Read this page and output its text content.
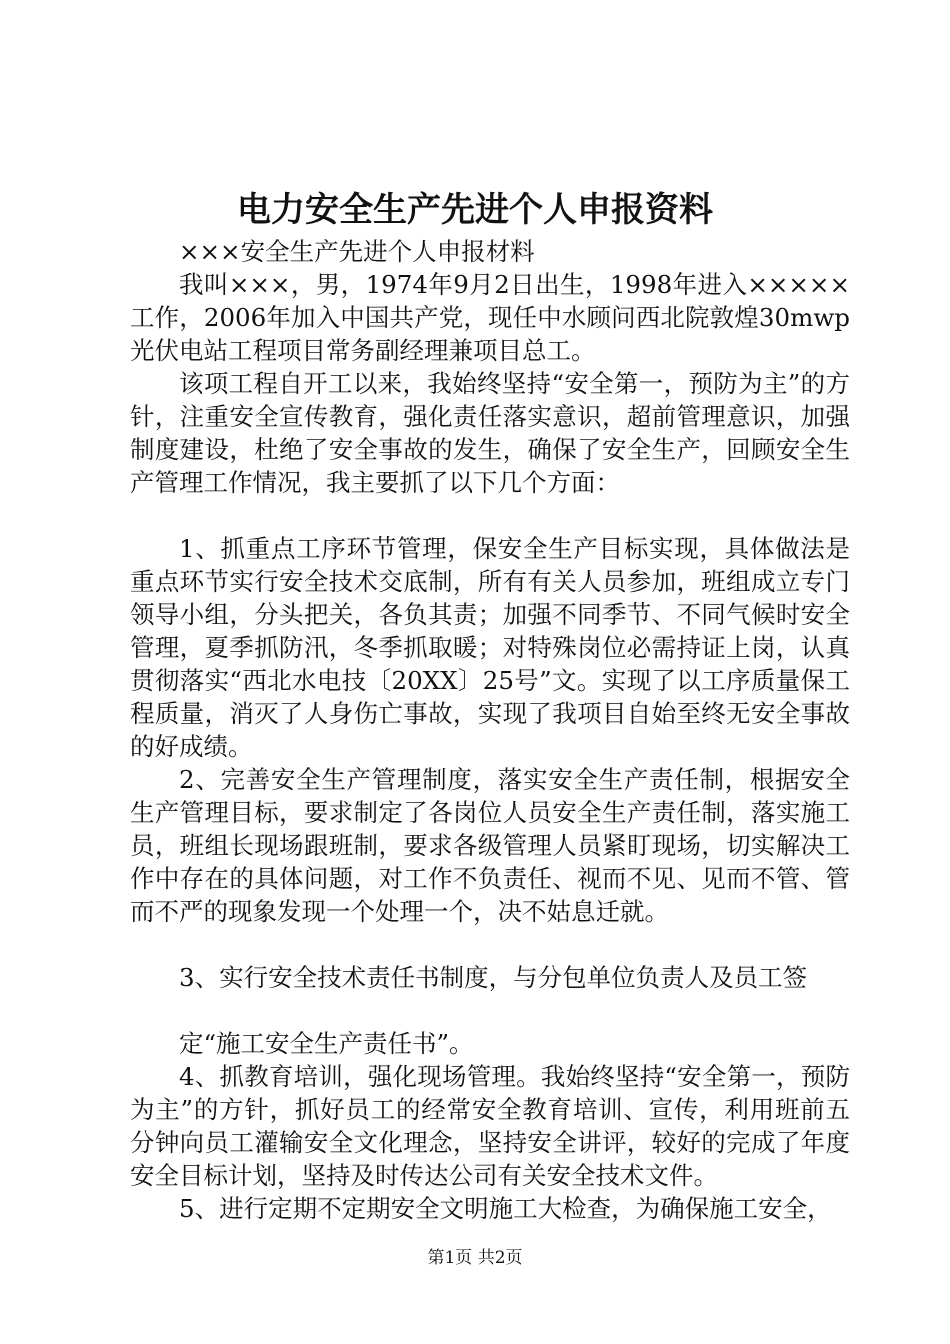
电力安全生产先进个人申报资料

×××安全生产先进个人申报材料

我叫×××，男，1974年9月2日出生，1998年进入×××××工作，2006年加入中国共产党，现任中水顾问西北院敦煌30mwp光伏电站工程项目常务副经理兼项目总工。

该项工程自开工以来，我始终坚持“安全第一，预防为主”的方针，注重安全宣传教育，强化责任落实意识，超前管理意识，加强制度建设，杜绝了安全事故的发生，确保了安全生产，回顾安全生产管理工作情况，我主要抓了以下几个方面：

1、抓重点工序环节管理，保安全生产目标实现，具体做法是重点环节实行安全技术交底制，所有有关人员参加，班组成立专门领导小组，分头把关，各负其责；加强不同季节、不同气候时安全管理，夏季抓防汛，冬季抓取暖；对特殊岗位必需持证上岗，认真贯彻落实“西北水电技〔20XX〕25号”文。实现了以工序质量保工程质量，消灭了人身伤亡事故，实现了我项目自始至终无安全事故的好成绩。

2、完善安全生产管理制度，落实安全生产责任制，根据安全生产管理目标，要求制定了各岗位人员安全生产责任制，落实施工员，班组长现场跟班制，要求各级管理人员紧盯现场，切实解决工作中存在的具体问题，对工作不负责任、视而不见、见而不管、管而不严的现象发现一个处理一个，决不姑息迁就。

3、实行安全技术责任书制度，与分包单位负责人及员工签

定“施工安全生产责任书”。

4、抓教育培训，强化现场管理。我始终坚持“安全第一，预防为主”的方针，抓好员工的经常安全教育培训、宣传，利用班前五分钟向员工灌输安全文化理念，坚持安全讲评，较好的完成了年度安全目标计划，坚持及时传达公司有关安全技术文件。

5、进行定期不定期安全文明施工大检查，为确保施工安全，

第1页 共2页
